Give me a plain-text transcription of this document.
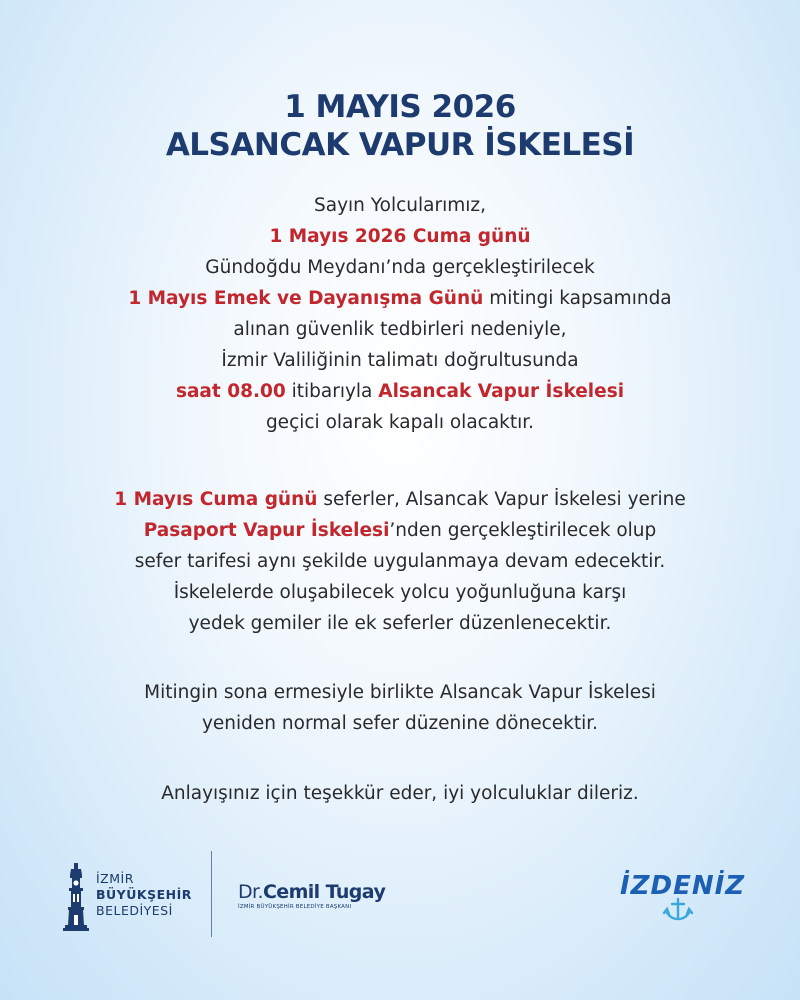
1 MAYIS 2026
ALSANCAK VAPUR İSKELESİ
Sayın Yolcularımız,
1 Mayıs 2026 Cuma günü
Gündoğdu Meydanı’nda gerçekleştirilecek
1 Mayıs Emek ve Dayanışma Günü mitingi kapsamında
alınan güvenlik tedbirleri nedeniyle,
İzmir Valiliğinin talimatı doğrultusunda
saat 08.00 itibarıyla Alsancak Vapur İskelesi
geçici olarak kapalı olacaktır.
1 Mayıs Cuma günü seferler, Alsancak Vapur İskelesi yerine
Pasaport Vapur İskelesi’nden gerçekleştirilecek olup
sefer tarifesi aynı şekilde uygulanmaya devam edecektir.
İskelelerde oluşabilecek yolcu yoğunluğuna karşı
yedek gemiler ile ek seferler düzenlenecektir.
Mitingin sona ermesiyle birlikte Alsancak Vapur İskelesi
yeniden normal sefer düzenine dönecektir.
Anlayışınız için teşekkür eder, iyi yolculuklar dileriz.
İZMİR
BÜYÜKŞEHİR
BELEDİYESİ
Dr.Cemil Tugay
İZMİR BÜYÜKŞEHİR BELEDİYE BAŞKANI
İZDENİZ
